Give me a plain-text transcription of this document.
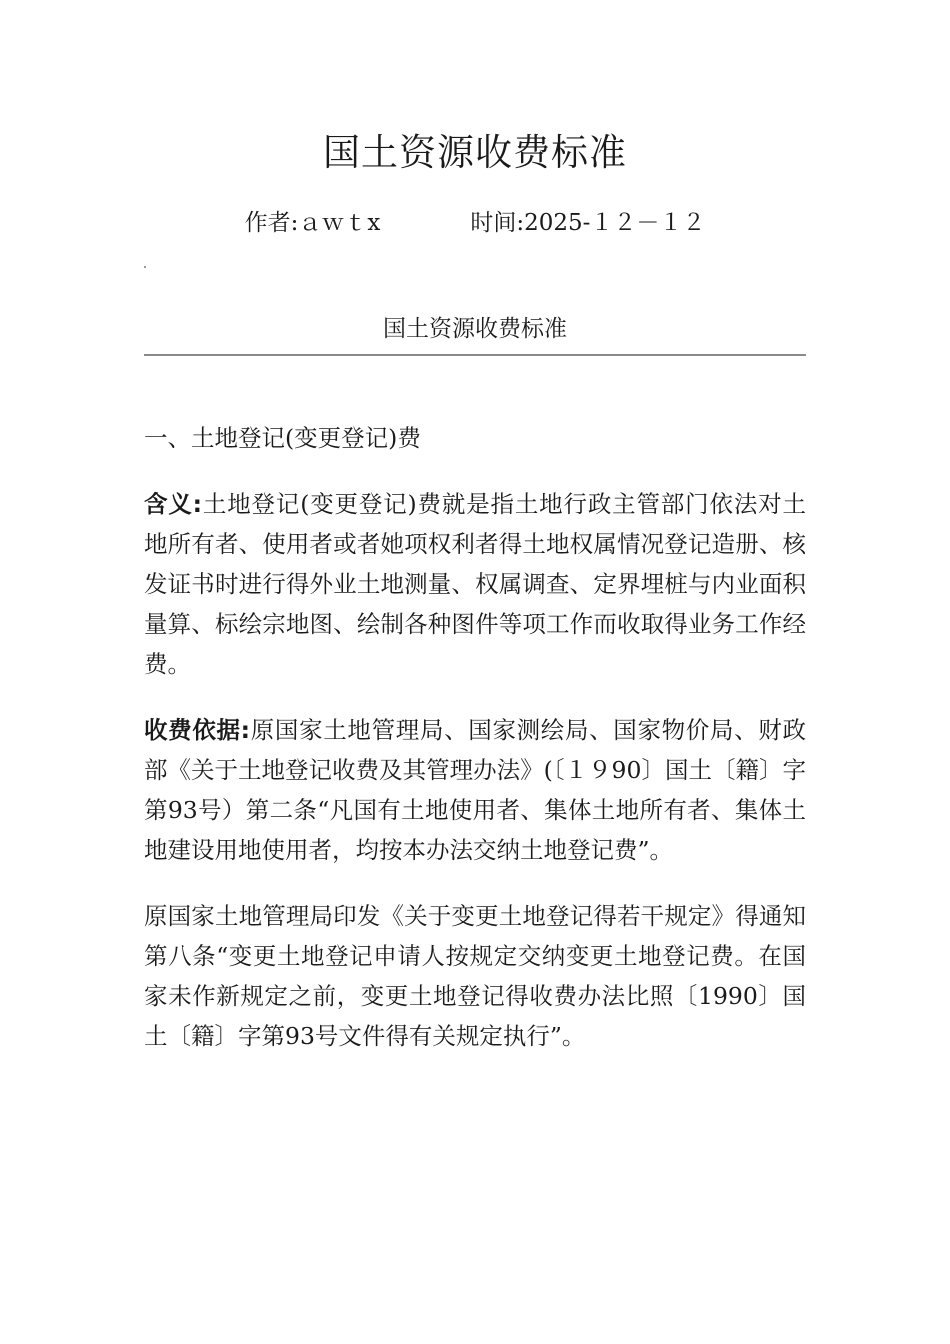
国土资源收费标准
作者:ａｗｔx	时间:2025-１２－１２
国土资源收费标准

一、土地登记(变更登记)费

含义:土地登记(变更登记)费就是指土地行政主管部门依法对土地所有者、使用者或者她项权利者得土地权属情况登记造册、核发证书时进行得外业土地测量、权属调查、定界埋桩与内业面积量算、标绘宗地图、绘制各种图件等项工作而收取得业务工作经费。

收费依据:原国家土地管理局、国家测绘局、国家物价局、财政部《关于土地登记收费及其管理办法》(〔１９90〕国土〔籍〕字第93号）第二条“凡国有土地使用者、集体土地所有者、集体土地建设用地使用者，均按本办法交纳土地登记费”。

原国家土地管理局印发《关于变更土地登记得若干规定》得通知第八条“变更土地登记申请人按规定交纳变更土地登记费。在国家未作新规定之前，变更土地登记得收费办法比照〔1990〕国土〔籍〕字第93号文件得有关规定执行”。
